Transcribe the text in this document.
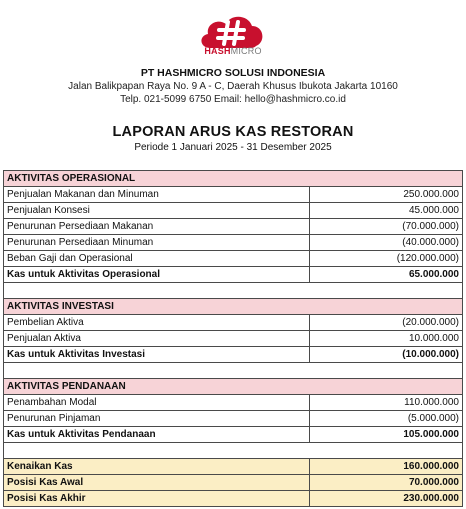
HASHMICRO
PT HASHMICRO SOLUSI INDONESIA
Jalan Balikpapan Raya No. 9 A - C, Daerah Khusus Ibukota Jakarta 10160
Telp. 021-5099 6750 Email: hello@hashmicro.co.id
LAPORAN ARUS KAS RESTORAN
Periode 1 Januari 2025 - 31 Desember 2025
AKTIVITAS OPERASIONAL	
Penjualan Makanan dan Minuman	250.000.000
Penjualan Konsesi	45.000.000
Penurunan Persediaan Makanan	(70.000.000)
Penurunan Persediaan Minuman	(40.000.000)
Beban Gaji dan Operasional	(120.000.000)
Kas untuk Aktivitas Operasional	65.000.000

AKTIVITAS INVESTASI	
Pembelian Aktiva	(20.000.000)
Penjualan Aktiva	10.000.000
Kas untuk Aktivitas Investasi	(10.000.000)

AKTIVITAS PENDANAAN	
Penambahan Modal	110.000.000
Penurunan Pinjaman	(5.000.000)
Kas untuk Aktivitas Pendanaan	105.000.000

Kenaikan Kas	160.000.000
Posisi Kas Awal	70.000.000
Posisi Kas Akhir	230.000.000
